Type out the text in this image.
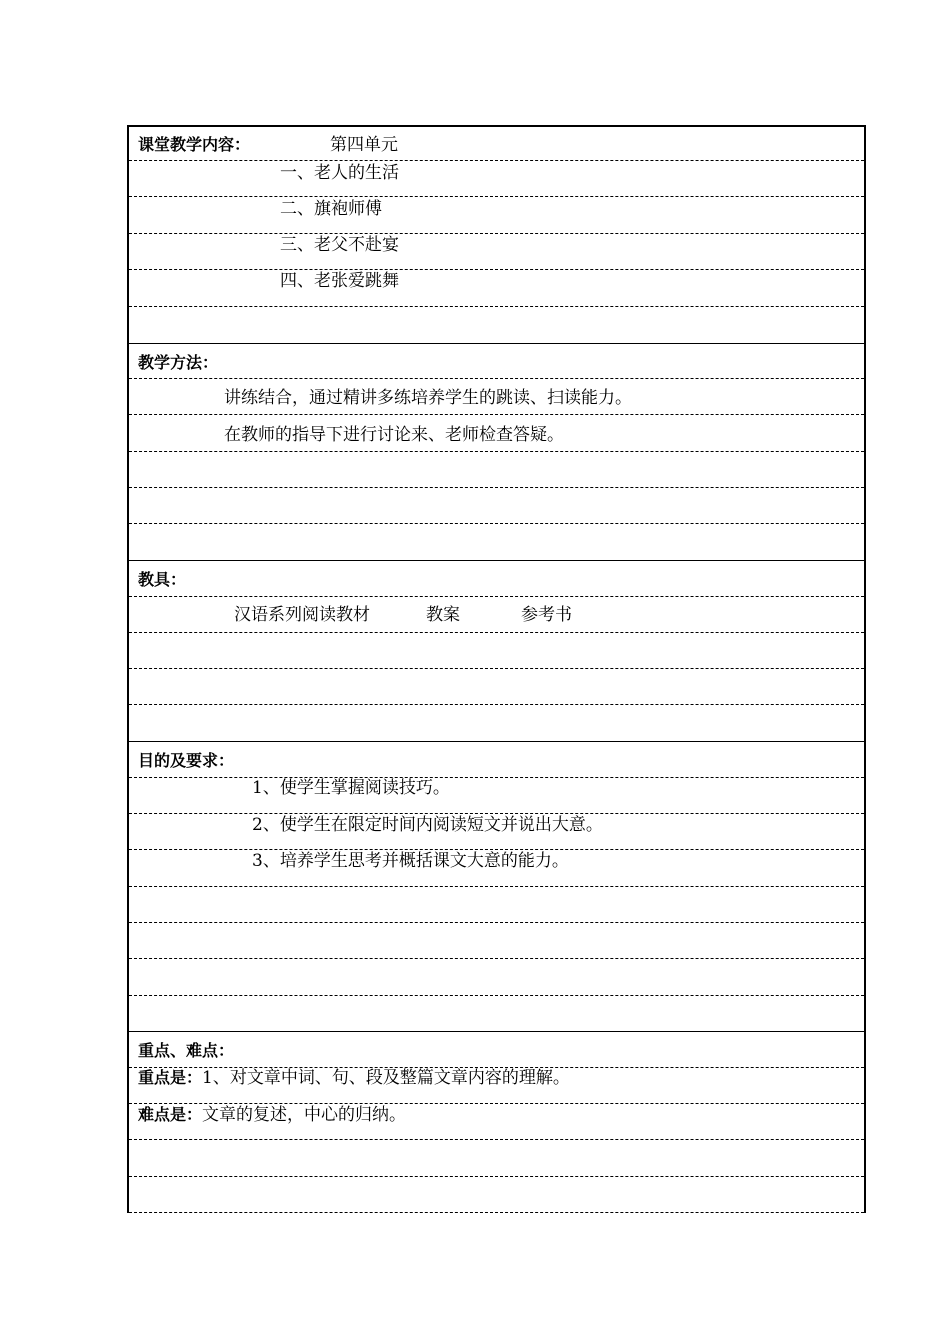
课堂教学内容：	第四单元
一、老人的生活
二、旗袍师傅
三、老父不赴宴
四、老张爱跳舞
教学方法：
讲练结合，通过精讲多练培养学生的跳读、扫读能力。
在教师的指导下进行讨论来、老师检查答疑。
教具：
汉语系列阅读教材	教案	参考书
目的及要求：
1、使学生掌握阅读技巧。
2、使学生在限定时间内阅读短文并说出大意。
3、培养学生思考并概括课文大意的能力。
重点、难点：
重点是：1、对文章中词、句、段及整篇文章内容的理解。
难点是：文章的复述，中心的归纳。
